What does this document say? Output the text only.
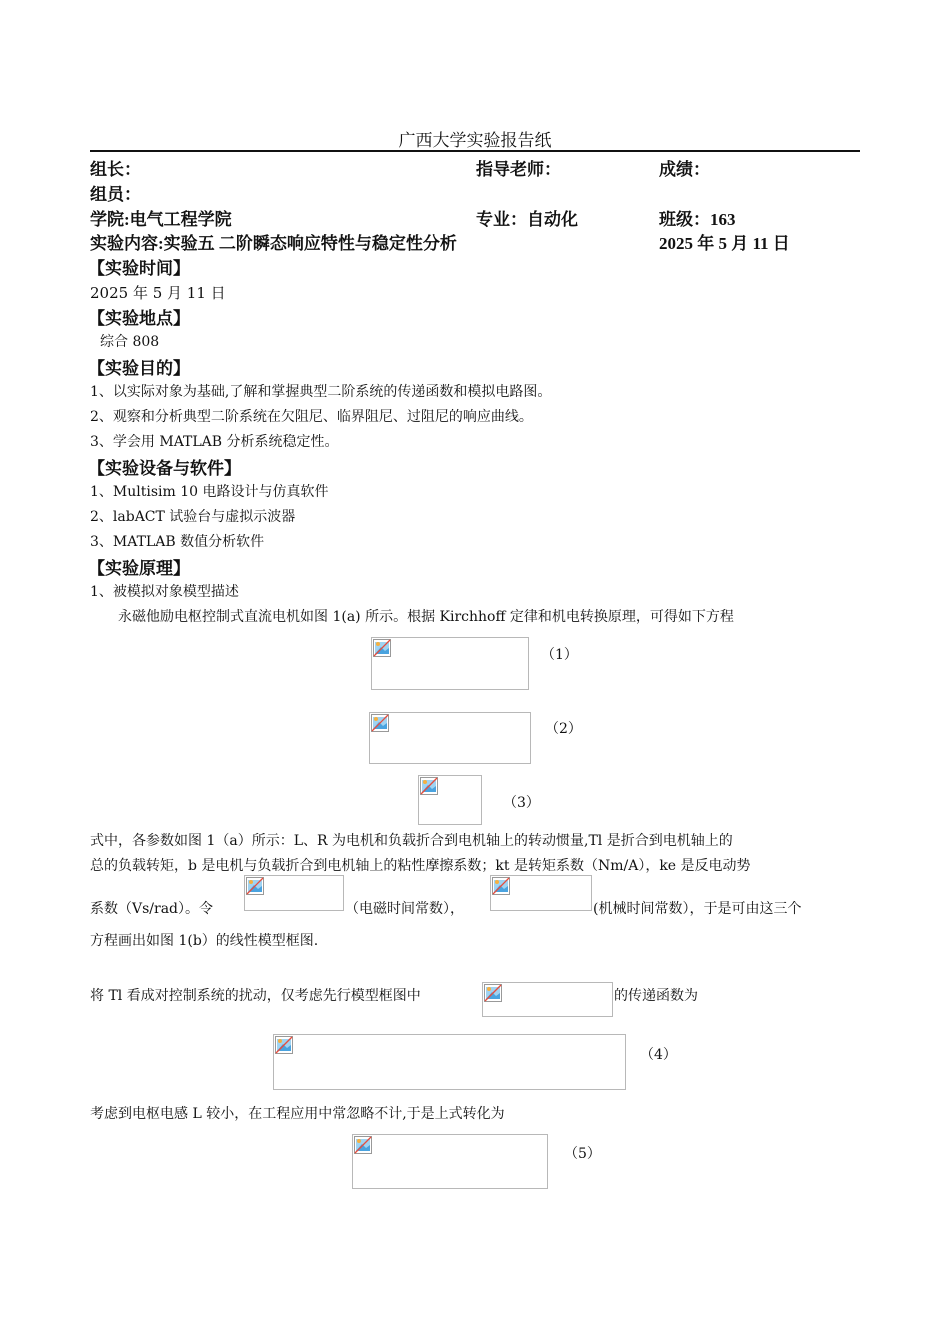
广西大学实验报告纸
组长：	指导老师：	成绩：
组员：
学院:电气工程学院	专业：自动化	班级：163
实验内容:实验五 二阶瞬态响应特性与稳定性分析	2025 年 5 月 11 日
【实验时间】
2025 年 5 月 11 日
【实验地点】
综合 808
【实验目的】
1、以实际对象为基础,了解和掌握典型二阶系统的传递函数和模拟电路图。
2、观察和分析典型二阶系统在欠阻尼、临界阻尼、过阻尼的响应曲线。
3、学会用 MATLAB 分析系统稳定性。
【实验设备与软件】
1、Multisim 10 电路设计与仿真软件
2、labACT 试验台与虚拟示波器
3、MATLAB 数值分析软件
【实验原理】
1、被模拟对象模型描述
永磁他励电枢控制式直流电机如图 1(a) 所示。根据 Kirchhoff 定律和机电转换原理，可得如下方程
（1）
（2）
（3）
式中，各参数如图 1（a）所示：L、R 为电机和负载折合到电机轴上的转动惯量,Tl 是折合到电机轴上的
总的负载转矩，b 是电机与负载折合到电机轴上的粘性摩擦系数；kt 是转矩系数（Nm/A），ke 是反电动势
系数（Vs/rad）。令	（电磁时间常数），	(机械时间常数），于是可由这三个
方程画出如图 1(b）的线性模型框图.
将 Tl 看成对控制系统的扰动，仅考虑先行模型框图中	的传递函数为
（4）
考虑到电枢电感 L 较小，在工程应用中常忽略不计,于是上式转化为
（5）
